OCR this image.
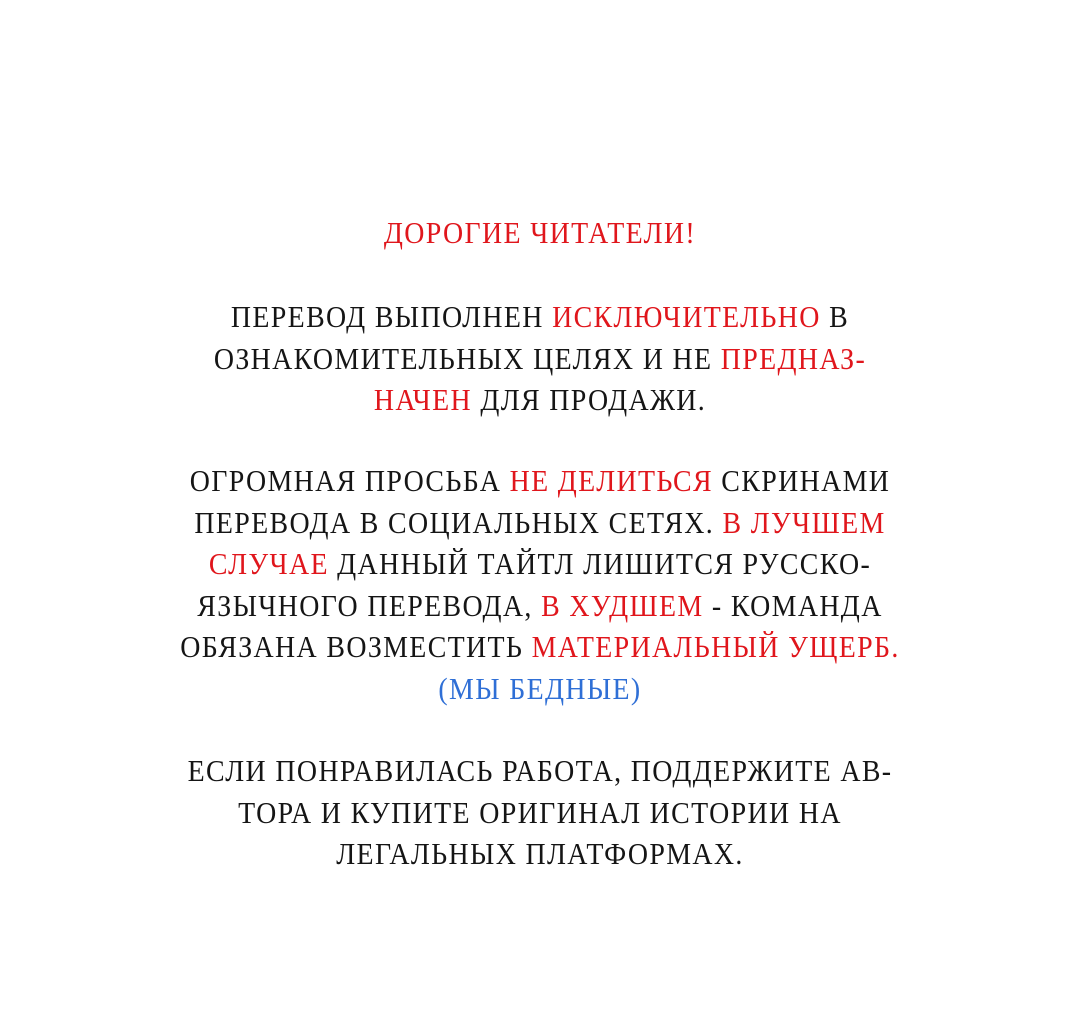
ДОРОГИЕ ЧИТАТЕЛИ!
ПЕРЕВОД ВЫПОЛНЕН ИСКЛЮЧИТЕЛЬНО В
ОЗНАКОМИТЕЛЬНЫХ ЦЕЛЯХ И НЕ ПРЕДНАЗ-
НАЧЕН ДЛЯ ПРОДАЖИ.
ОГРОМНАЯ ПРОСЬБА НЕ ДЕЛИТЬСЯ СКРИНАМИ
ПЕРЕВОДА В СОЦИАЛЬНЫХ СЕТЯХ. В ЛУЧШЕМ
СЛУЧАЕ ДАННЫЙ ТАЙТЛ ЛИШИТСЯ РУССКО-
ЯЗЫЧНОГО ПЕРЕВОДА, В ХУДШЕМ - КОМАНДА
ОБЯЗАНА ВОЗМЕСТИТЬ МАТЕРИАЛЬНЫЙ УЩЕРБ.
(МЫ БЕДНЫЕ)
ЕСЛИ ПОНРАВИЛАСЬ РАБОТА, ПОДДЕРЖИТЕ АВ-
ТОРА И КУПИТЕ ОРИГИНАЛ ИСТОРИИ НА
ЛЕГАЛЬНЫХ ПЛАТФОРМАХ.
